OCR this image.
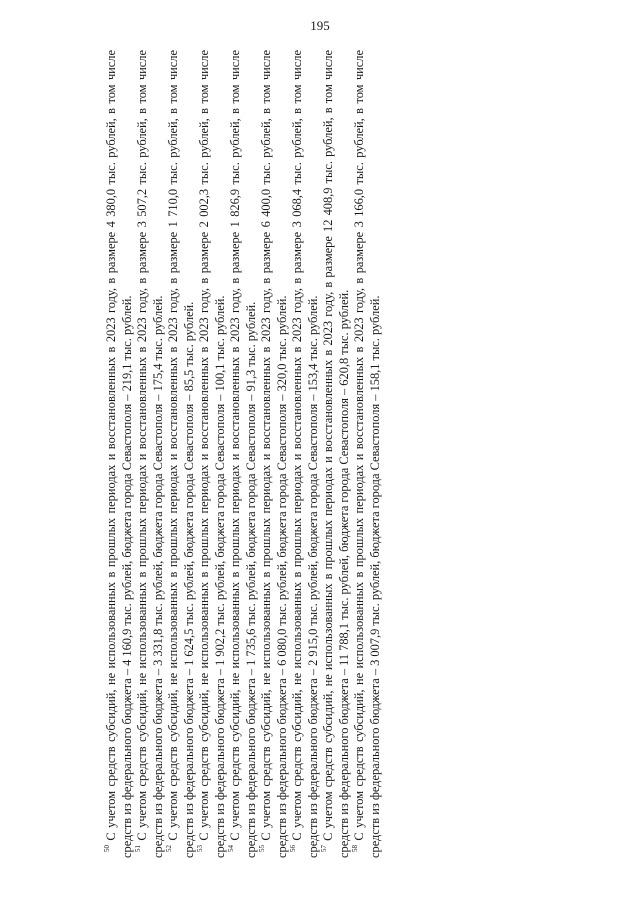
195

$^{50}$ С учетом средств субсидий, не использованных в прошлых периодах и восстановленных в 2023 году, в размере 4 380,0 тыс. рублей, в том числе средств из федерального бюджета – 4 160,9 тыс. рублей, бюджета города Севастополя – 219,1 тыс. рублей. $^{51}$ С учетом средств субсидий, не использованных в прошлых периодах и восстановленных в 2023 году, в размере 3 507,2 тыс. рублей, в том числе средств из федерального бюджета – 3 331,8 тыс. рублей, бюджета города Севастополя – 175,4 тыс. рублей. $^{52}$ С учетом средств субсидий, не использованных в прошлых периодах и восстановленных в 2023 году, в размере 1 710,0 тыс. рублей, в том числе средств из федерального бюджета – 1 624,5 тыс. рублей, бюджета города Севастополя – 85,5 тыс. рублей. $^{53}$ С учетом средств субсидий, не использованных в прошлых периодах и восстановленных в 2023 году, в размере 2 002,3 тыс. рублей, в том числе средств из федерального бюджета – 1 902,2 тыс. рублей, бюджета города Севастополя – 100,1 тыс. рублей. $^{54}$ С учетом средств субсидий, не использованных в прошлых периодах и восстановленных в 2023 году, в размере 1 826,9 тыс. рублей, в том числе средств из федерального бюджета – 1 735,6 тыс. рублей, бюджета города Севастополя – 91,3 тыс. рублей. $^{55}$ С учетом средств субсидий, не использованных в прошлых периодах и восстановленных в 2023 году, в размере 6 400,0 тыс. рублей, в том числе средств из федерального бюджета – 6 080,0 тыс. рублей, бюджета города Севастополя – 320,0 тыс. рублей. $^{56}$ С учетом средств субсидий, не использованных в прошлых периодах и восстановленных в 2023 году, в размере 3 068,4 тыс. рублей, в том числе средств из федерального бюджета – 2 915,0 тыс. рублей, бюджета города Севастополя – 153,4 тыс. рублей. $^{57}$ С учетом средств субсидий, не использованных в прошлых периодах и восстановленных в 2023 году, в размере 12 408,9 тыс. рублей, в том числе средств из федерального бюджета – 11 788,1 тыс. рублей, бюджета города Севастополя – 620,8 тыс. рублей. $^{58}$ С учетом средств субсидий, не использованных в прошлых периодах и восстановленных в 2023 году, в размере 3 166,0 тыс. рублей, в том числе средств из федерального бюджета – 3 007,9 тыс. рублей, бюджета города Севастополя – 158,1 тыс. рублей.
